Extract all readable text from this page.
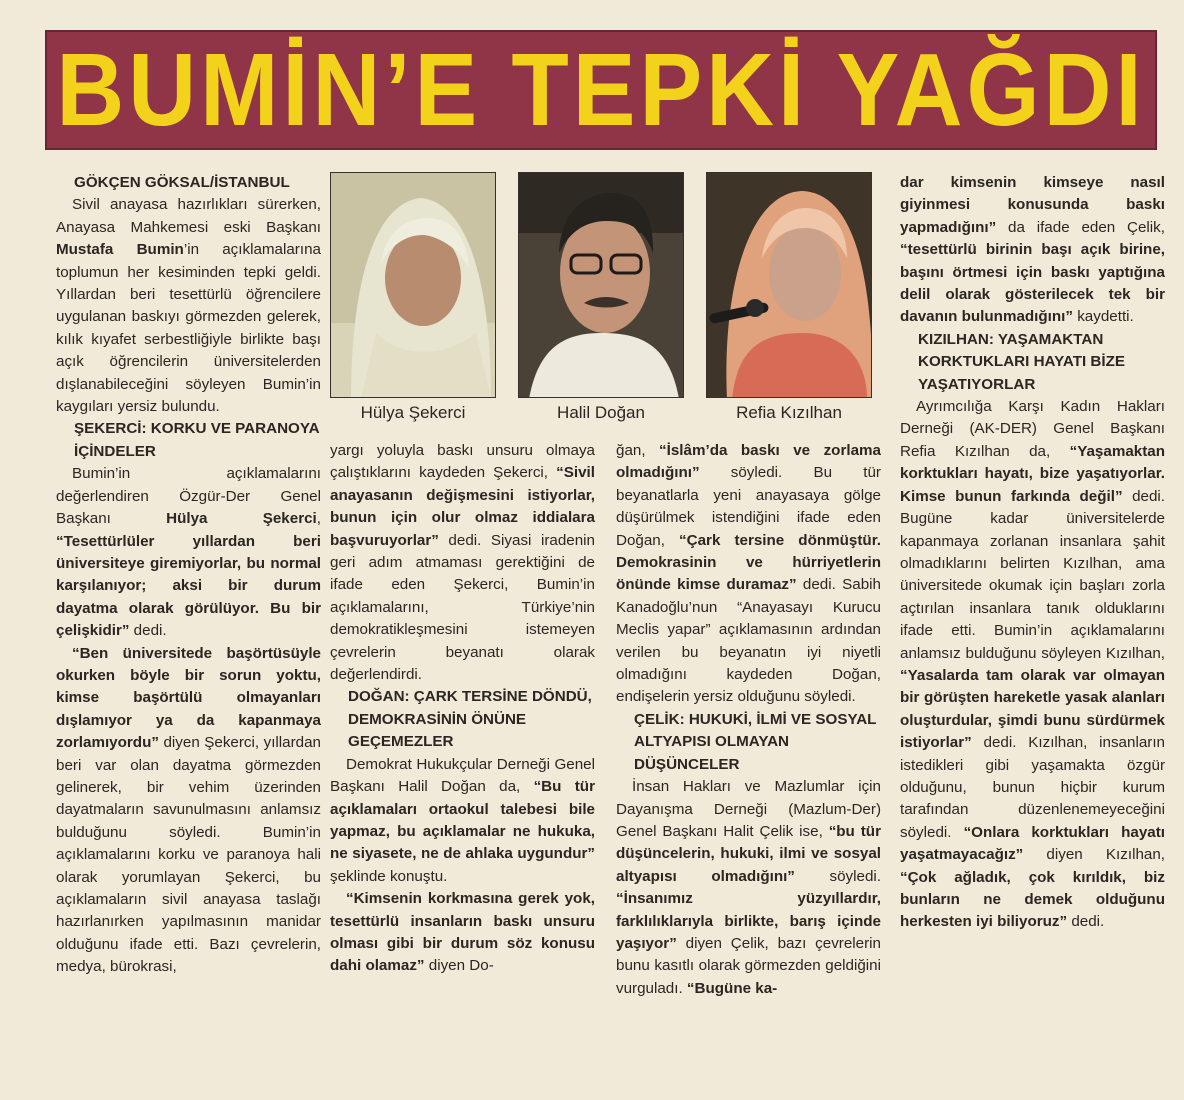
BUMİN’E TEPKİ YAĞDI

GÖKÇEN GÖKSAL/İSTANBUL

Sivil anayasa hazırlıkları sürerken, Anayasa Mahkemesi eski Başkanı Mustafa Bumin’in açıklamalarına toplumun her kesiminden tepki geldi. Yıllardan beri tesettürlü öğrencilere uygulanan baskıyı görmezden gelerek, kılık kıyafet serbestliğiyle birlikte başı açık öğrencilerin üniversitelerden dışlanabileceğini söyleyen Bumin’in kaygıları yersiz bulundu.

ŞEKERCİ: KORKU VE PARANOYA İÇİNDELER

Bumin’in açıklamalarını değerlendiren Özgür-Der Genel Başkanı Hülya Şekerci, “Tesettürlüler yıllardan beri üniversiteye giremiyorlar, bu normal karşılanıyor; aksi bir durum dayatma olarak görülüyor. Bu bir çelişkidir” dedi.

“Ben üniversitede başörtüsüyle okurken böyle bir sorun yoktu, kimse başörtülü olmayanları dışlamıyor ya da kapanmaya zorlamıyordu” diyen Şekerci, yıllardan beri var olan dayatma görmezden gelinerek, bir vehim üzerinden dayatmaların savunulmasını anlamsız bulduğunu söyledi. Bumin’in açıklamalarını korku ve paranoya hali olarak yorumlayan Şekerci, bu açıklamaların sivil anayasa taslağı hazırlanırken yapılmasının manidar olduğunu ifade etti. Bazı çevrelerin, medya, bürokrasi,

Hülya Şekerci	Halil Doğan	Refia Kızılhan

yargı yoluyla baskı unsuru olmaya çalıştıklarını kaydeden Şekerci, “Sivil anayasanın değişmesini istiyorlar, bunun için olur olmaz iddialara başvuruyorlar” dedi. Siyasi iradenin geri adım atmaması gerektiğini de ifade eden Şekerci, Bumin’in açıklamalarını, Türkiye’nin demokratikleşmesini istemeyen çevrelerin beyanatı olarak değerlendirdi.

DOĞAN: ÇARK TERSİNE DÖNDÜ, DEMOKRASİNİN ÖNÜNE GEÇEMEZLER

Demokrat Hukukçular Derneği Genel Başkanı Halil Doğan da, “Bu tür açıklamaları ortaokul talebesi bile yapmaz, bu açıklamalar ne hukuka, ne siyasete, ne de ahlaka uygundur” şeklinde konuştu.

“Kimsenin korkmasına gerek yok, tesettürlü insanların baskı unsuru olması gibi bir durum söz konusu dahi olamaz” diyen Do-

ğan, “İslâm’da baskı ve zorlama olmadığını” söyledi. Bu tür beyanatlarla yeni anayasaya gölge düşürülmek istendiğini ifade eden Doğan, “Çark tersine dönmüştür. Demokrasinin ve hürriyetlerin önünde kimse duramaz” dedi. Sabih Kanadoğlu’nun “Anayasayı Kurucu Meclis yapar” açıklamasının ardından verilen bu beyanatın iyi niyetli olmadığını kaydeden Doğan, endişelerin yersiz olduğunu söyledi.

ÇELİK: HUKUKİ, İLMİ VE SOSYAL ALTYAPISI OLMAYAN DÜŞÜNCELER

İnsan Hakları ve Mazlumlar için Dayanışma Derneği (Mazlum-Der) Genel Başkanı Halit Çelik ise, “bu tür düşüncelerin, hukuki, ilmi ve sosyal altyapısı olmadığını” söyledi. “İnsanımız yüzyıllardır, farklılıklarıyla birlikte, barış içinde yaşıyor” diyen Çelik, bazı çevrelerin bunu kasıtlı olarak görmezden geldiğini vurguladı. “Bugüne ka-

dar kimsenin kimseye nasıl giyinmesi konusunda baskı yapmadığını” da ifade eden Çelik, “tesettürlü birinin başı açık birine, başını örtmesi için baskı yaptığına delil olarak gösterilecek tek bir davanın bulunmadığını” kaydetti.

KIZILHAN: YAŞAMAKTAN KORKTUKLARI HAYATI BİZE YAŞATIYORLAR

Ayrımcılığa Karşı Kadın Hakları Derneği (AK-DER) Genel Başkanı Refia Kızılhan da, “Yaşamaktan korktukları hayatı, bize yaşatıyorlar. Kimse bunun farkında değil” dedi. Bugüne kadar üniversitelerde kapanmaya zorlanan insanlara şahit olmadıklarını belirten Kızılhan, ama üniversitede okumak için başları zorla açtırılan insanlara tanık olduklarını ifade etti. Bumin’in açıklamalarını anlamsız bulduğunu söyleyen Kızılhan, “Yasalarda tam olarak var olmayan bir görüşten hareketle yasak alanları oluşturdular, şimdi bunu sürdürmek istiyorlar” dedi. Kızılhan, insanların istedikleri gibi yaşamakta özgür olduğunu, bunun hiçbir kurum tarafından düzenlenemeyeceğini söyledi. “Onlara korktukları hayatı yaşatmayacağız” diyen Kızılhan, “Çok ağladık, çok kırıldık, biz bunların ne demek olduğunu herkesten iyi biliyoruz” dedi.
